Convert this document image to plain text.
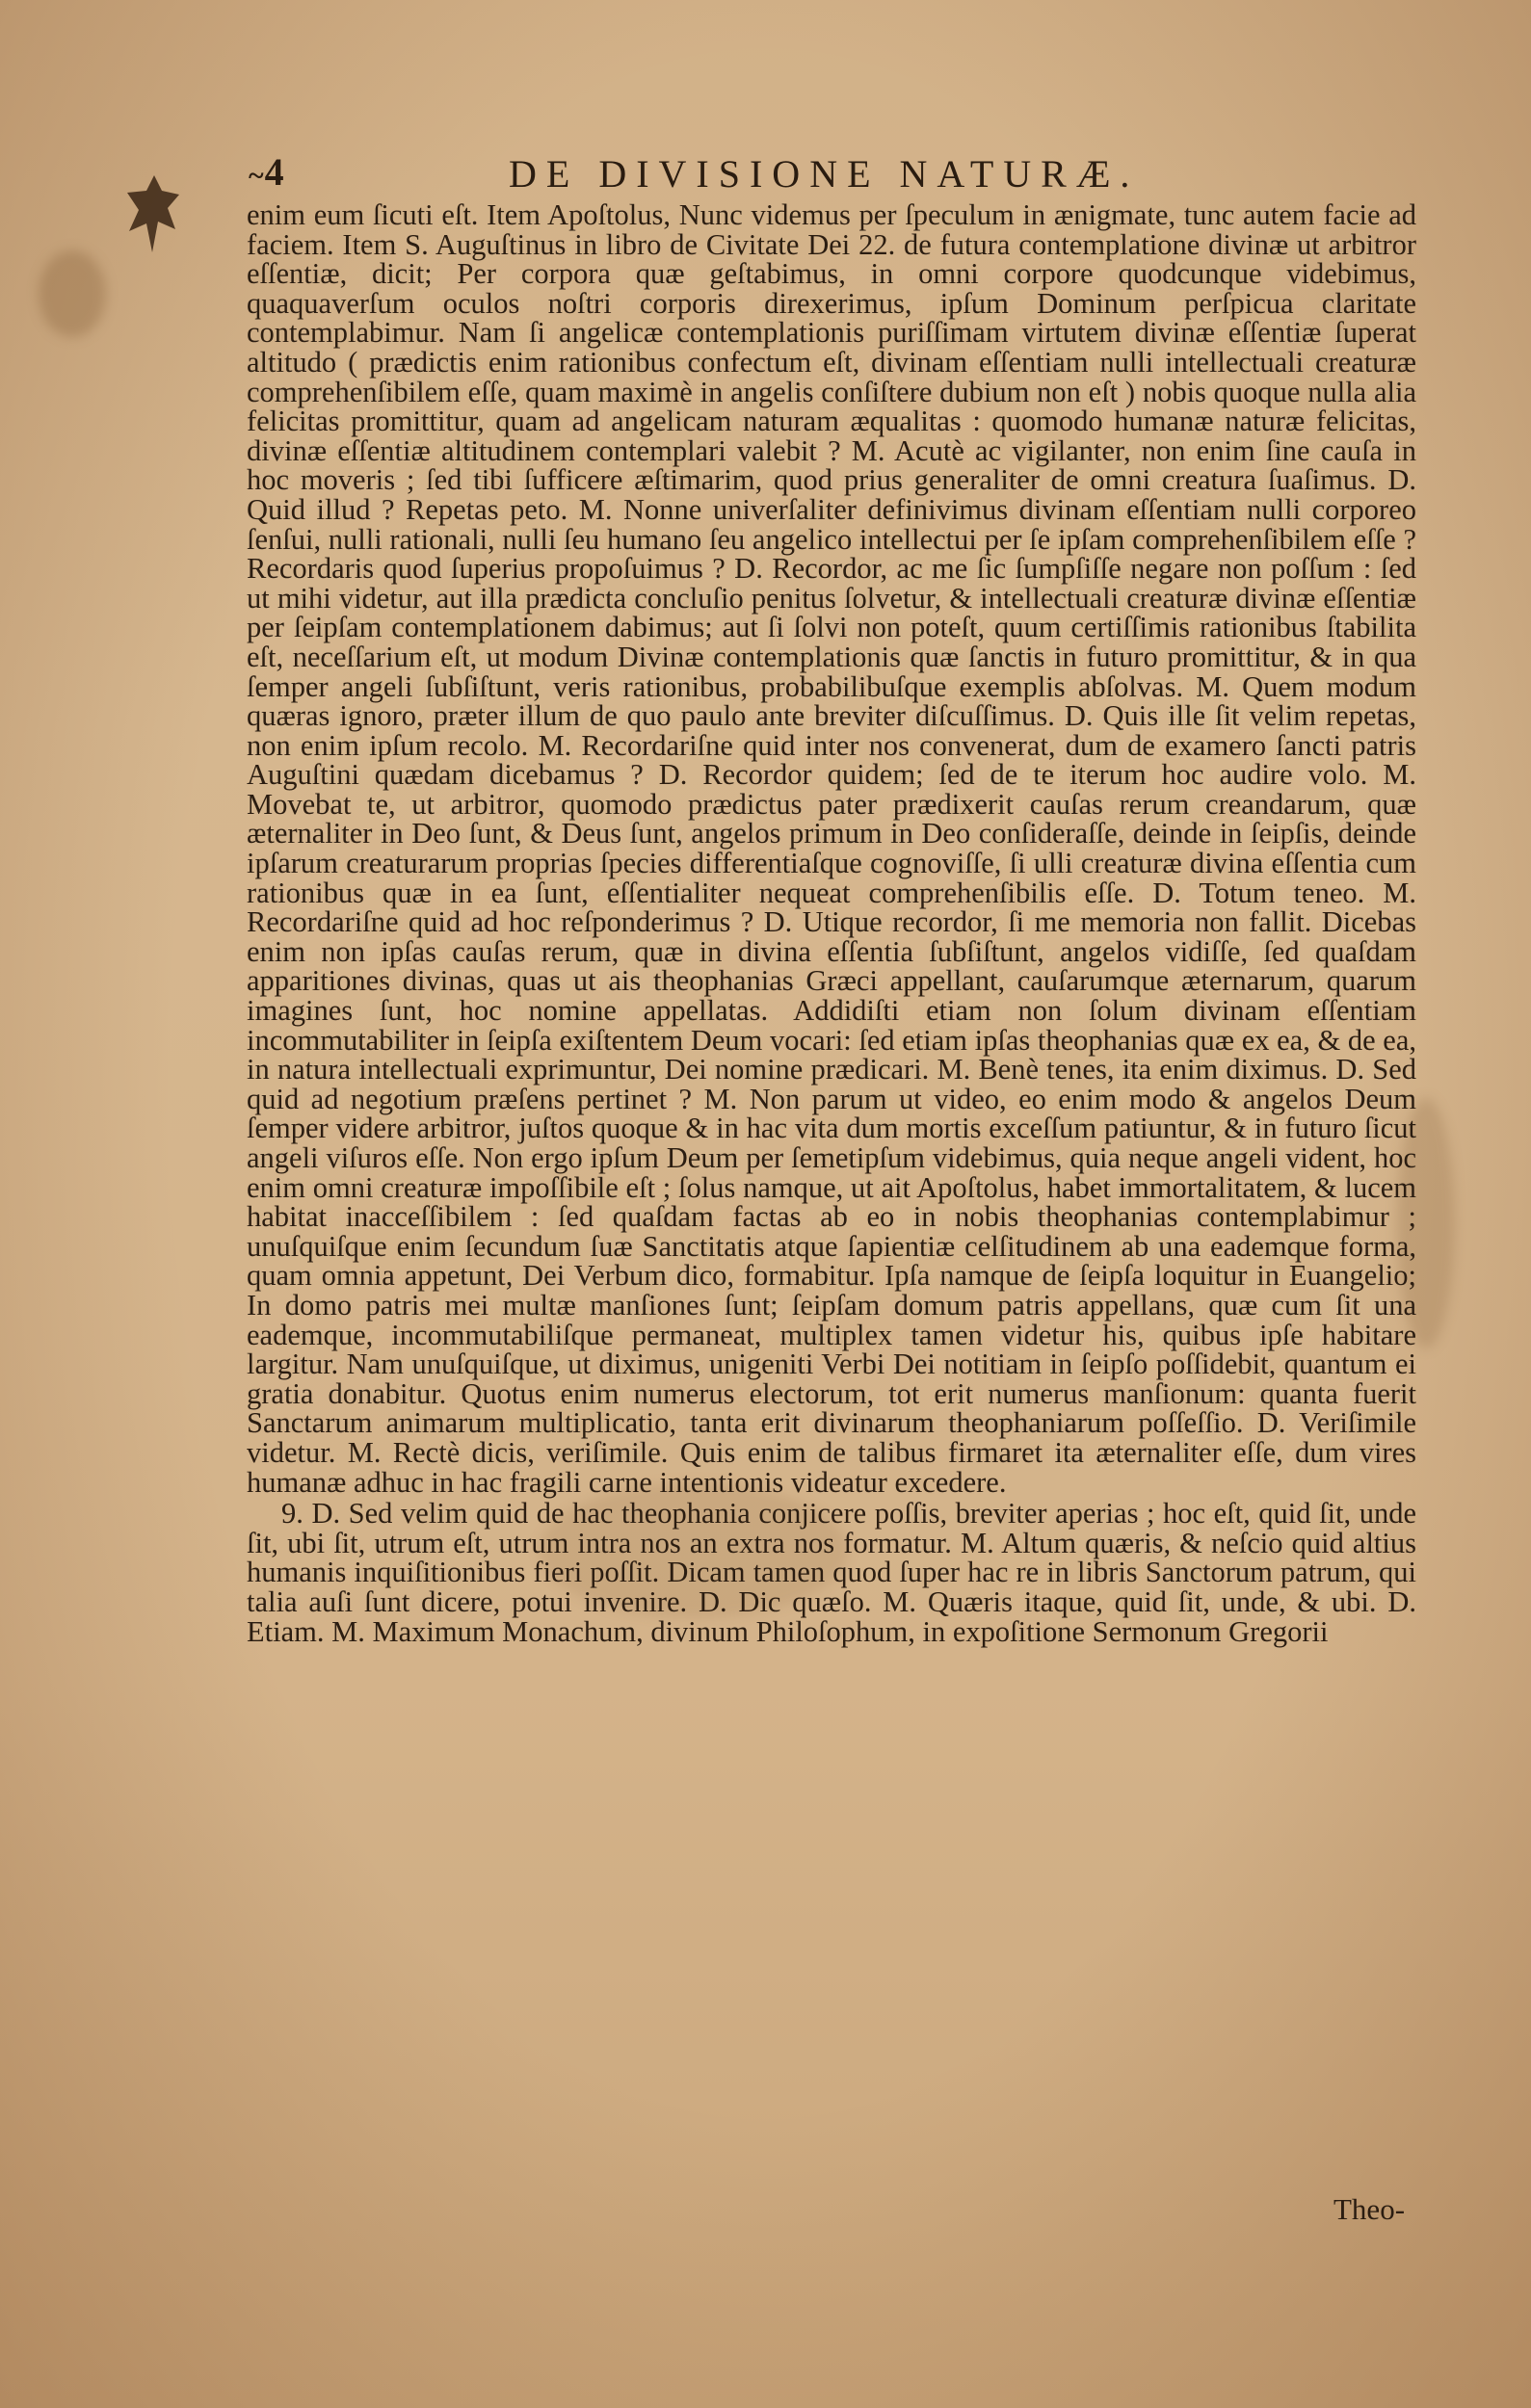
~4	DE DIVISIONE NATURÆ.

enim eum ſicuti eſt. Item Apoſtolus, Nunc videmus per ſpeculum in ænigmate, tunc autem facie ad faciem. Item S. Auguſtinus in libro de Civitate Dei 22. de futura contemplatione divinæ ut arbitror eſſentiæ, dicit; Per corpora quæ geſtabimus, in omni corpore quodcunque videbimus, quaquaverſum oculos noſtri corporis direxerimus, ipſum Dominum perſpicua claritate contemplabimur. Nam ſi angelicæ contemplationis puriſſimam virtutem divinæ eſſentiæ ſuperat altitudo ( prædictis enim rationibus confectum eſt, divinam eſſentiam nulli intellectuali creaturæ comprehenſibilem eſſe, quam maximè in angelis conſiſtere dubium non eſt ) nobis quoque nulla alia felicitas promittitur, quam ad angelicam naturam æqualitas : quomodo humanæ naturæ felicitas, divinæ eſſentiæ altitudinem contemplari valebit ? M. Acutè ac vigilanter, non enim ſine cauſa in hoc moveris ; ſed tibi ſufficere æſtimarim, quod prius generaliter de omni creatura ſuaſimus. D. Quid illud ? Repetas peto. M. Nonne univerſaliter definivimus divinam eſſentiam nulli corporeo ſenſui, nulli rationali, nulli ſeu humano ſeu angelico intellectui per ſe ipſam comprehenſibilem eſſe ? Recordaris quod ſuperius propoſuimus ? D. Recordor, ac me ſic ſumpſiſſe negare non poſſum : ſed ut mihi videtur, aut illa prædicta concluſio penitus ſolvetur, & intellectuali creaturæ divinæ eſſentiæ per ſeipſam contemplationem dabimus; aut ſi ſolvi non poteſt, quum certiſſimis rationibus ſtabilita eſt, neceſſarium eſt, ut modum Divinæ contemplationis quæ ſanctis in futuro promittitur, & in qua ſemper angeli ſubſiſtunt, veris rationibus, probabilibuſque exemplis abſolvas. M. Quem modum quæras ignoro, præter illum de quo paulo ante breviter diſcuſſimus. D. Quis ille ſit velim repetas, non enim ipſum recolo. M. Recordariſne quid inter nos convenerat, dum de examero ſancti patris Auguſtini quædam dicebamus ? D. Recordor quidem; ſed de te iterum hoc audire volo. M. Movebat te, ut arbitror, quomodo prædictus pater prædixerit cauſas rerum creandarum, quæ æternaliter in Deo ſunt, & Deus ſunt, angelos primum in Deo conſideraſſe, deinde in ſeipſis, deinde ipſarum creaturarum proprias ſpecies differentiaſque cognoviſſe, ſi ulli creaturæ divina eſſentia cum rationibus quæ in ea ſunt, eſſentialiter nequeat comprehenſibilis eſſe. D. Totum teneo. M. Recordariſne quid ad hoc reſponderimus ? D. Utique recordor, ſi me memoria non fallit. Dicebas enim non ipſas cauſas rerum, quæ in divina eſſentia ſubſiſtunt, angelos vidiſſe, ſed quaſdam apparitiones divinas, quas ut ais theophanias Græci appellant, cauſarumque æternarum, quarum imagines ſunt, hoc nomine appellatas. Addidiſti etiam non ſolum divinam eſſentiam incommutabiliter in ſeipſa exiſtentem Deum vocari: ſed etiam ipſas theophanias quæ ex ea, & de ea, in natura intellectuali exprimuntur, Dei nomine prædicari. M. Benè tenes, ita enim diximus. D. Sed quid ad negotium præſens pertinet ? M. Non parum ut video, eo enim modo & angelos Deum ſemper videre arbitror, juſtos quoque & in hac vita dum mortis exceſſum patiuntur, & in futuro ſicut angeli viſuros eſſe. Non ergo ipſum Deum per ſemetipſum videbimus, quia neque angeli vident, hoc enim omni creaturæ impoſſibile eſt ; ſolus namque, ut ait Apoſtolus, habet immortalitatem, & lucem habitat inacceſſibilem : ſed quaſdam factas ab eo in nobis theophanias contemplabimur ; unuſquiſque enim ſecundum ſuæ Sanctitatis atque ſapientiæ celſitudinem ab una eademque forma, quam omnia appetunt, Dei Verbum dico, formabitur. Ipſa namque de ſeipſa loquitur in Euangelio; In domo patris mei multæ manſiones ſunt; ſeipſam domum patris appellans, quæ cum ſit una eademque, incommutabiliſque permaneat, multiplex tamen videtur his, quibus ipſe habitare largitur. Nam unuſquiſque, ut diximus, unigeniti Verbi Dei notitiam in ſeipſo poſſidebit, quantum ei gratia donabitur. Quotus enim numerus electorum, tot erit numerus manſionum: quanta fuerit Sanctarum animarum multiplicatio, tanta erit divinarum theophaniarum poſſeſſio. D. Veriſimile videtur. M. Rectè dicis, veriſimile. Quis enim de talibus firmaret ita æternaliter eſſe, dum vires humanæ adhuc in hac fragili carne intentionis videatur excedere.

9. D. Sed velim quid de hac theophania conjicere poſſis, breviter aperias ; hoc eſt, quid ſit, unde ſit, ubi ſit, utrum eſt, utrum intra nos an extra nos formatur. M. Altum quæris, & neſcio quid altius humanis inquiſitionibus fieri poſſit. Dicam tamen quod ſuper hac re in libris Sanctorum patrum, qui talia auſi ſunt dicere, potui invenire. D. Dic quæſo. M. Quæris itaque, quid ſit, unde, & ubi. D. Etiam. M. Maximum Monachum, divinum Philoſophum, in expoſitione Sermonum Gregorii

Theo-
